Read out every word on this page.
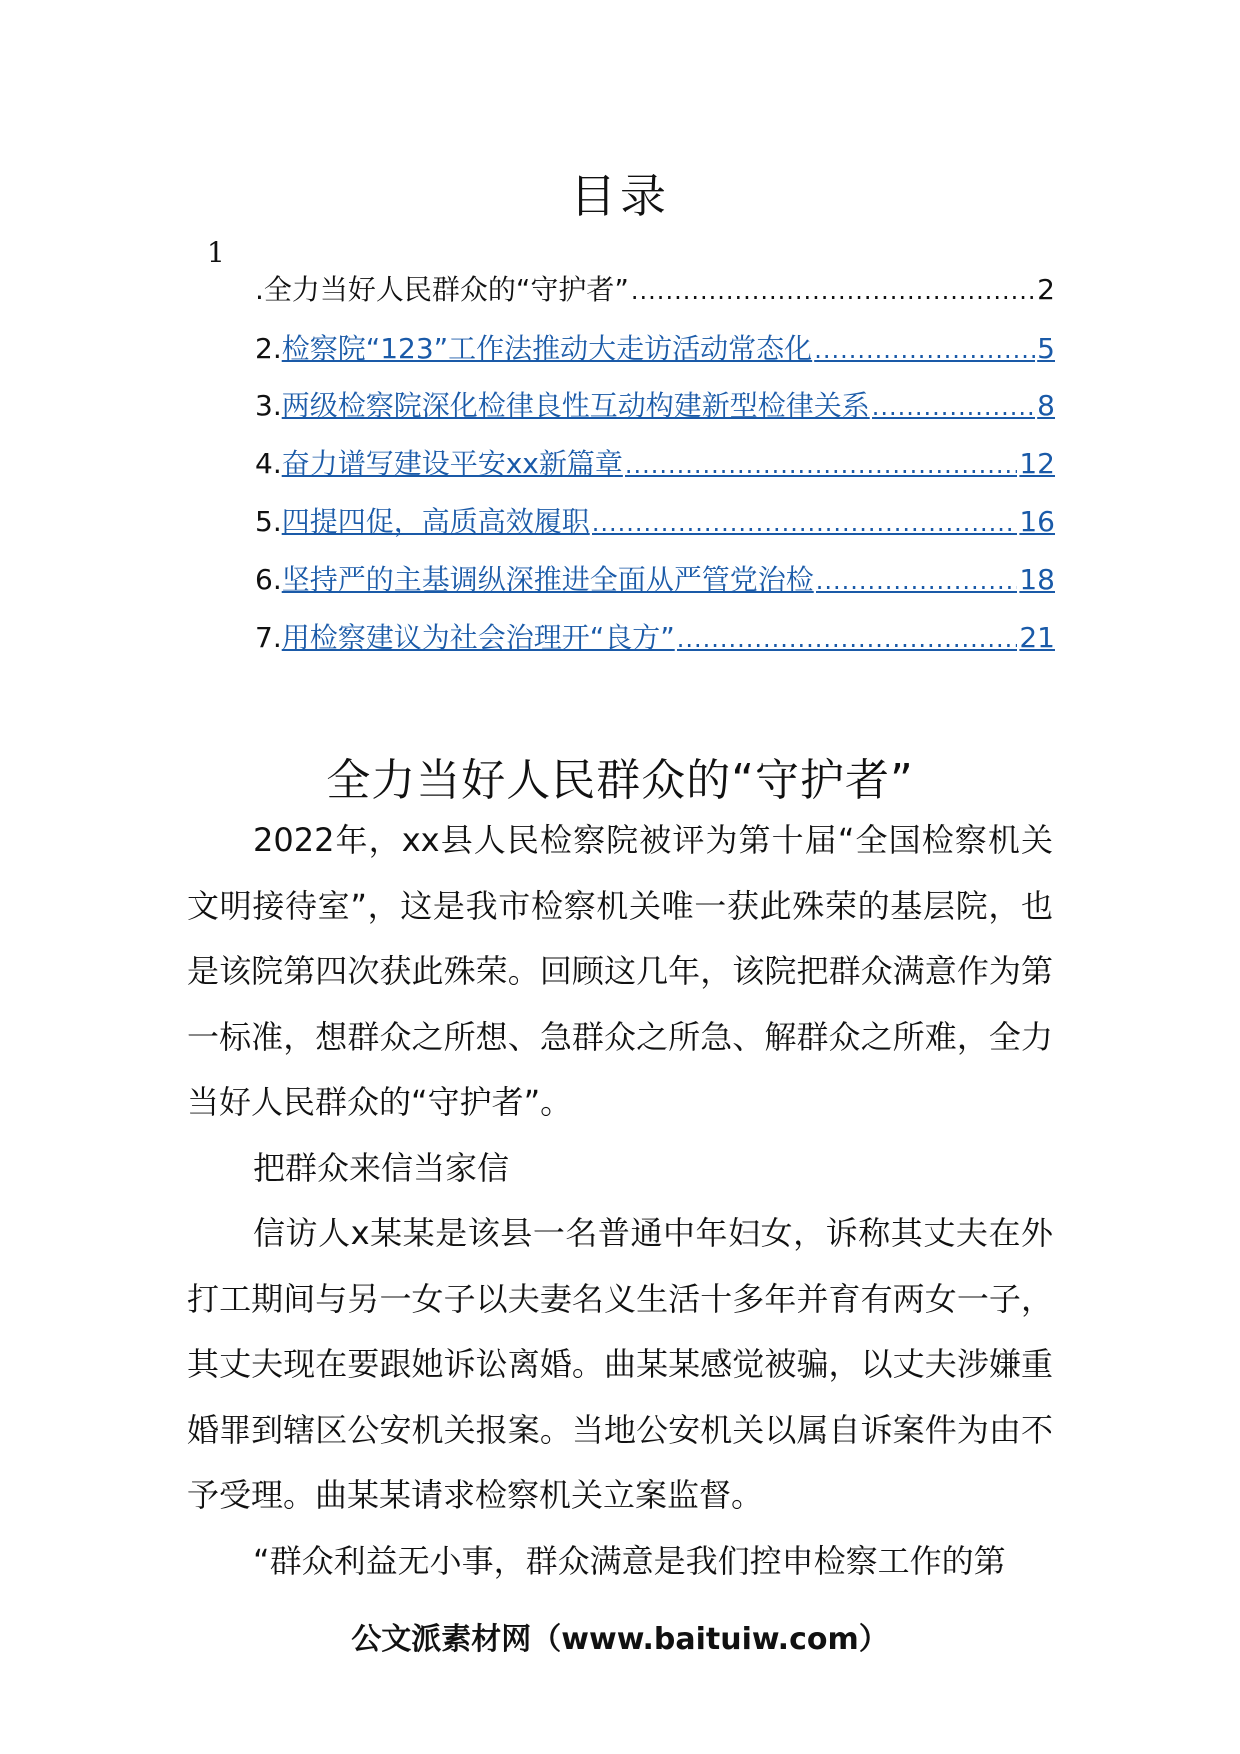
目录
1
.全力当好人民群众的“守护者” .....	2
2. 检察院“123”工作法推动大走访活动常态化 .....	5
3. 两级检察院深化检律良性互动构建新型检律关系 .....	8
4. 奋力谱写建设平安xx新篇章 .....	12
5. 四提四促，高质高效履职 .....	16
6. 坚持严的主基调纵深推进全面从严管党治检 .....	18
7. 用检察建议为社会治理开“良方” .....	21
全力当好人民群众的“守护者”

2022年，xx县人民检察院被评为第十届“全国检察机关文明接待室”，这是我市检察机关唯一获此殊荣的基层院，也是该院第四次获此殊荣。回顾这几年，该院把群众满意作为第一标准，想群众之所想、急群众之所急、解群众之所难，全力当好人民群众的“守护者”。

把群众来信当家信

信访人x某某是该县一名普通中年妇女，诉称其丈夫在外打工期间与另一女子以夫妻名义生活十多年并育有两女一子，其丈夫现在要跟她诉讼离婚。曲某某感觉被骗，以丈夫涉嫌重婚罪到辖区公安机关报案。当地公安机关以属自诉案件为由不予受理。曲某某请求检察机关立案监督。

“群众利益无小事，群众满意是我们控申检察工作的第

公文派素材网（www.baituiw.com）
